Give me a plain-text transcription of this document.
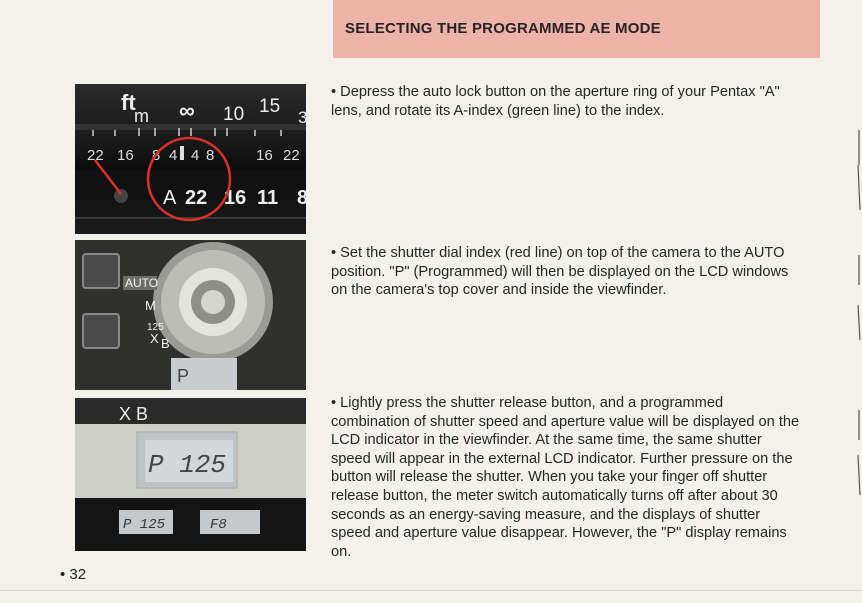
SELECTING THE PROGRAMMED AE MODE
ft
m ∞ 10 15
3
22 16 8 4 4 8	16 22
A 22 16 11 8
AUTO
M
125
X B
P
X B
P 125
P 125	F8
• Depress the auto lock button on the aperture ring of your Pentax "A" lens, and rotate its A-index (green line) to the index.
• Set the shutter dial index (red line) on top of the camera to the AUTO position. "P" (Programmed) will then be displayed on the LCD windows on the camera's top cover and inside the viewfinder.
• Lightly press the shutter release button, and a programmed combination of shutter speed and aperture value will be displayed on the LCD indicator in the viewfinder. At the same time, the same shutter speed will appear in the external LCD indicator. Further pressure on the button will release the shutter. When you take your finger off shutter release button, the meter switch automatically turns off after about 30 seconds as an energy-saving measure, and the displays of shutter speed and aperture value disappear. However, the "P" display remains on.
• 32
